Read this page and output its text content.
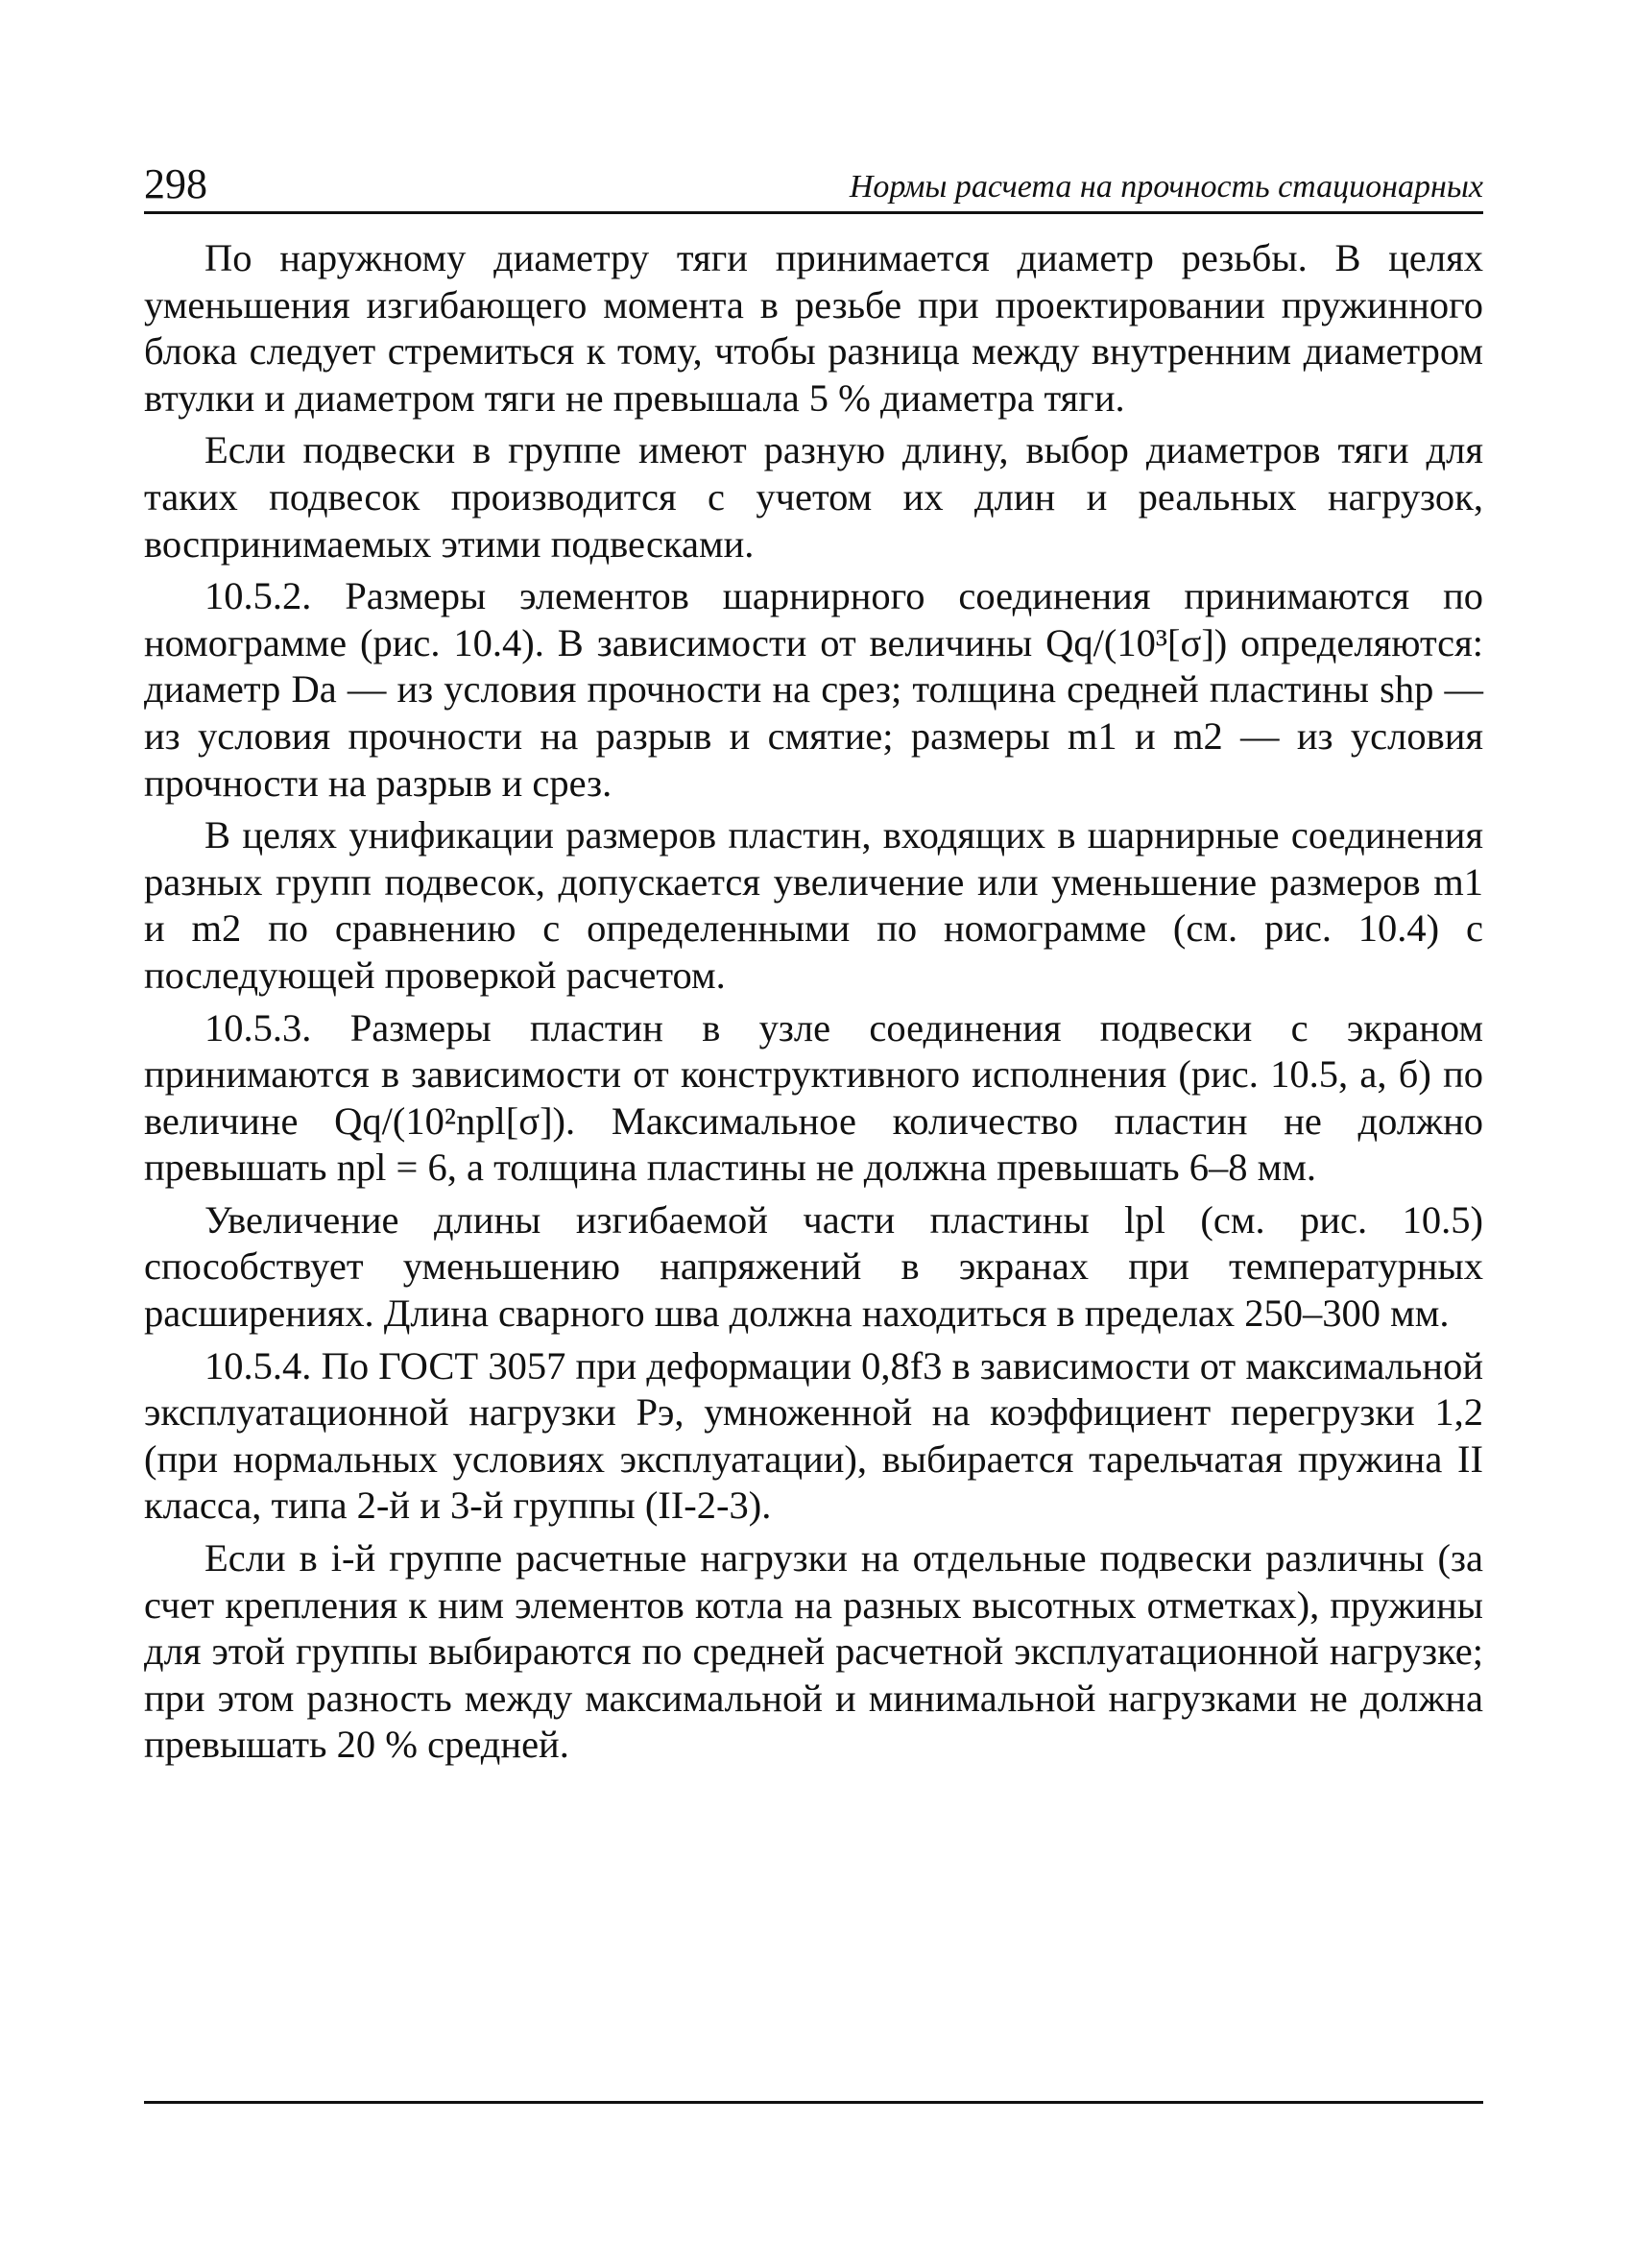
298	Нормы расчета на прочность стационарных

По наружному диаметру тяги принимается диаметр резьбы. В целях уменьшения изгибающего момента в резьбе при проектировании пружинного блока следует стремиться к тому, чтобы разница между внутренним диаметром втулки и диаметром тяги не превышала 5 % диаметра тяги.

Если подвески в группе имеют разную длину, выбор диаметров тяги для таких подвесок производится с учетом их длин и реальных нагрузок, воспринимаемых этими подвесками.

10.5.2. Размеры элементов шарнирного соединения принимаются по номограмме (рис. 10.4). В зависимости от величины Qq/(10³[σ]) определяются: диаметр Da — из условия прочности на срез; толщина средней пластины shp — из условия прочности на разрыв и смятие; размеры m1 и m2 — из условия прочности на разрыв и срез.

В целях унификации размеров пластин, входящих в шарнирные соединения разных групп подвесок, допускается увеличение или уменьшение размеров m1 и m2 по сравнению с определенными по номограмме (см. рис. 10.4) с последующей проверкой расчетом.

10.5.3. Размеры пластин в узле соединения подвески с экраном принимаются в зависимости от конструктивного исполнения (рис. 10.5, а, б) по величине Qq/(10²npl[σ]). Максимальное количество пластин не должно превышать npl = 6, а толщина пластины не должна превышать 6–8 мм.

Увеличение длины изгибаемой части пластины lpl (см. рис. 10.5) способствует уменьшению напряжений в экранах при температурных расширениях. Длина сварного шва должна находиться в пределах 250–300 мм.

10.5.4. По ГОСТ 3057 при деформации 0,8f3 в зависимости от максимальной эксплуатационной нагрузки Pэ, умноженной на коэффициент перегрузки 1,2 (при нормальных условиях эксплуатации), выбирается тарельчатая пружина II класса, типа 2-й и 3-й группы (II-2-3).

Если в i-й группе расчетные нагрузки на отдельные подвески различны (за счет крепления к ним элементов котла на разных высотных отметках), пружины для этой группы выбираются по средней расчетной эксплуатационной нагрузке; при этом разность между максимальной и минимальной нагрузками не должна превышать 20 % средней.
